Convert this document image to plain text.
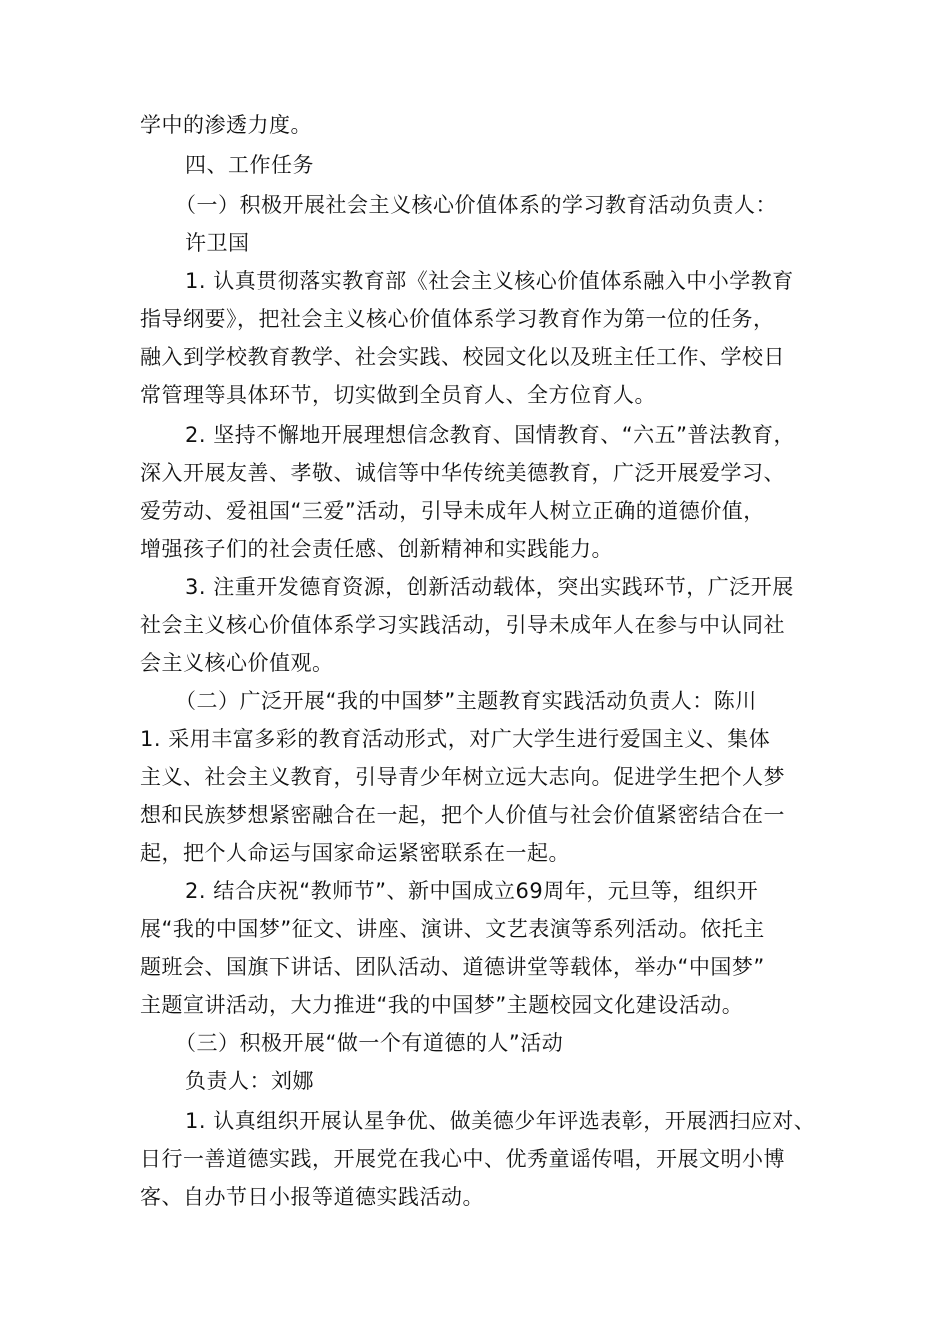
学中的渗透力度。
四、工作任务
（一）积极开展社会主义核心价值体系的学习教育活动负责人：
许卫国
1. 认真贯彻落实教育部《社会主义核心价值体系融入中小学教育
指导纲要》，把社会主义核心价值体系学习教育作为第一位的任务，
融入到学校教育教学、社会实践、校园文化以及班主任工作、学校日
常管理等具体环节，切实做到全员育人、全方位育人。
2. 坚持不懈地开展理想信念教育、国情教育、“六五”普法教育，
深入开展友善、孝敬、诚信等中华传统美德教育，广泛开展爱学习、
爱劳动、爱祖国“三爱”活动，引导未成年人树立正确的道德价值，
增强孩子们的社会责任感、创新精神和实践能力。
3. 注重开发德育资源，创新活动载体，突出实践环节，广泛开展
社会主义核心价值体系学习实践活动，引导未成年人在参与中认同社
会主义核心价值观。
（二）广泛开展“我的中国梦”主题教育实践活动负责人：陈川
1. 采用丰富多彩的教育活动形式，对广大学生进行爱国主义、集体
主义、社会主义教育，引导青少年树立远大志向。促进学生把个人梦
想和民族梦想紧密融合在一起，把个人价值与社会价值紧密结合在一
起，把个人命运与国家命运紧密联系在一起。
2. 结合庆祝“教师节”、新中国成立69周年，元旦等，组织开
展“我的中国梦”征文、讲座、演讲、文艺表演等系列活动。依托主
题班会、国旗下讲话、团队活动、道德讲堂等载体，举办“中国梦”
主题宣讲活动，大力推进“我的中国梦”主题校园文化建设活动。
（三）积极开展“做一个有道德的人”活动
负责人：刘娜
1. 认真组织开展认星争优、做美德少年评选表彰，开展洒扫应对、
日行一善道德实践，开展党在我心中、优秀童谣传唱，开展文明小博
客、自办节日小报等道德实践活动。
